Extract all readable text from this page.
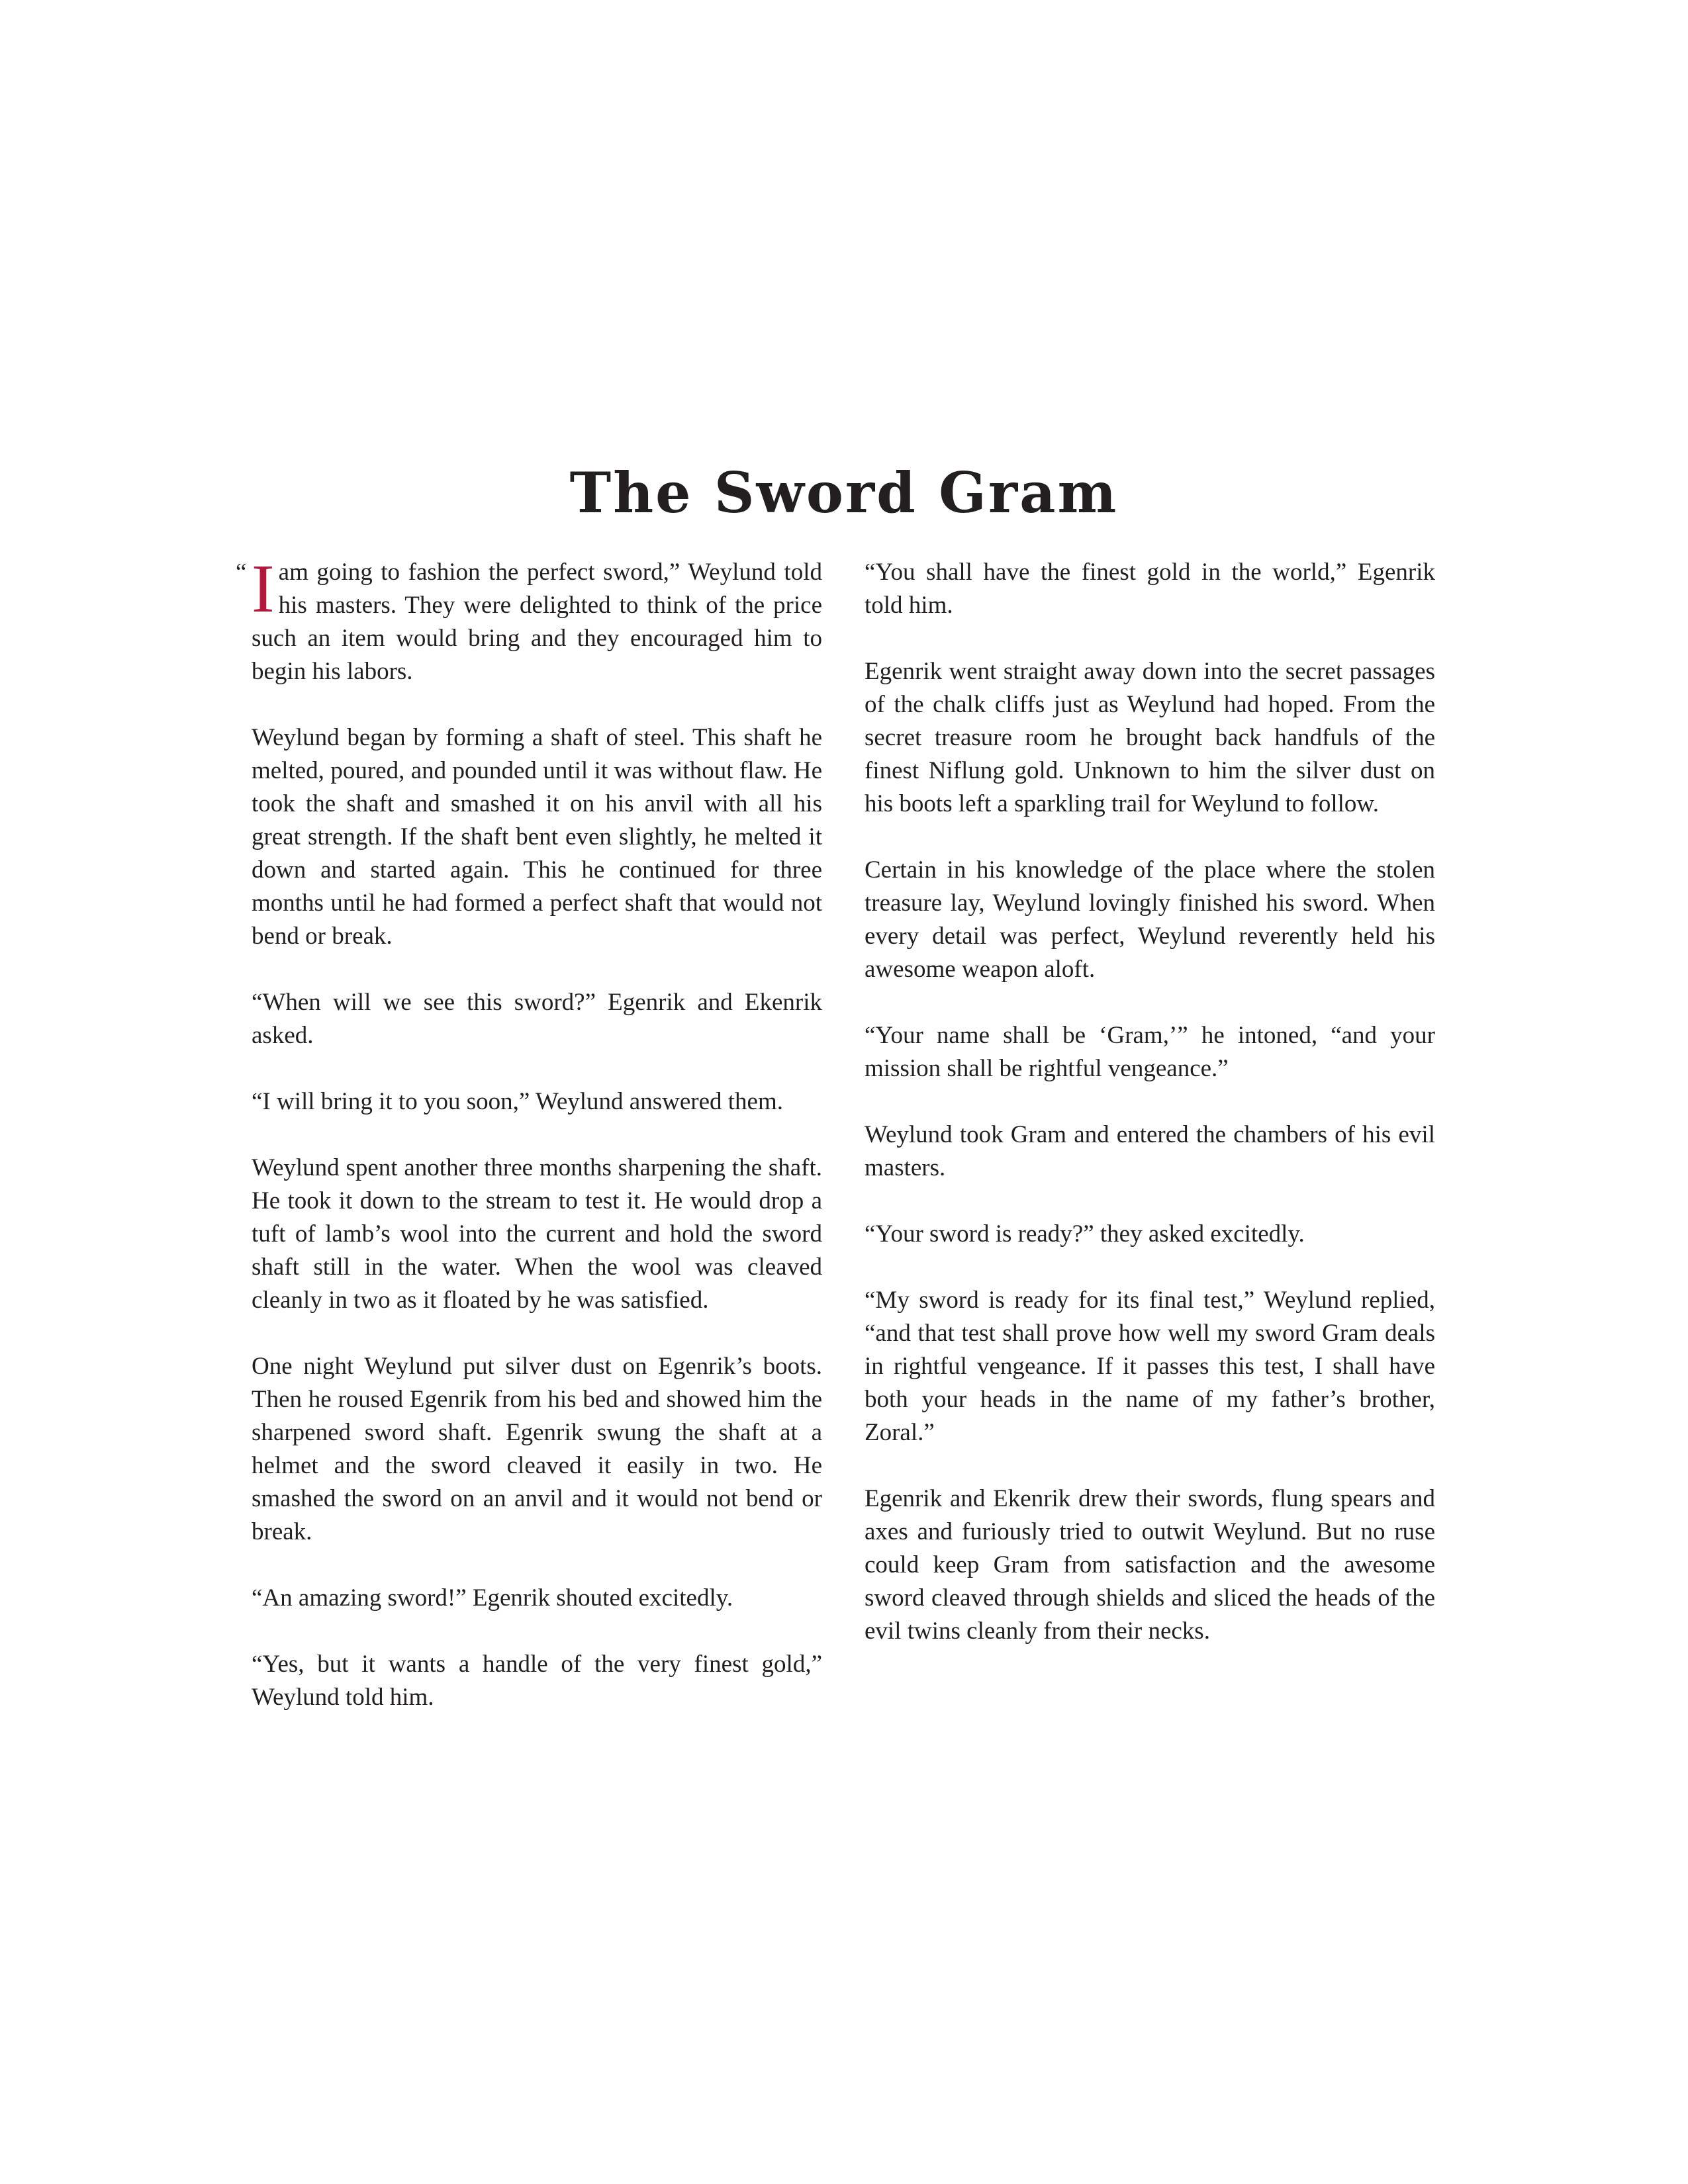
The Sword Gram

“ I am going to fashion the perfect sword,” Weylund told his masters. They were delighted to think of the price such an item would bring and they encouraged him to begin his labors.

Weylund began by forming a shaft of steel. This shaft he melted, poured, and pounded until it was without flaw. He took the shaft and smashed it on his anvil with all his great strength. If the shaft bent even slightly, he melted it down and started again. This he continued for three months until he had formed a perfect shaft that would not bend or break.

“When will we see this sword?” Egenrik and Ekenrik asked.

“I will bring it to you soon,” Weylund answered them.

Weylund spent another three months sharpening the shaft. He took it down to the stream to test it. He would drop a tuft of lamb’s wool into the current and hold the sword shaft still in the water. When the wool was cleaved cleanly in two as it floated by he was satisfied.

One night Weylund put silver dust on Egenrik’s boots. Then he roused Egenrik from his bed and showed him the sharpened sword shaft. Egenrik swung the shaft at a helmet and the sword cleaved it easily in two. He smashed the sword on an anvil and it would not bend or break.

“An amazing sword!” Egenrik shouted excitedly.

“Yes, but it wants a handle of the very finest gold,” Weylund told him.

“You shall have the finest gold in the world,” Egenrik told him.

Egenrik went straight away down into the secret passages of the chalk cliffs just as Weylund had hoped. From the secret treasure room he brought back handfuls of the finest Niflung gold. Unknown to him the silver dust on his boots left a sparkling trail for Weylund to follow.

Certain in his knowledge of the place where the stolen treasure lay, Weylund lovingly finished his sword. When every detail was perfect, Weylund reverently held his awesome weapon aloft.

“Your name shall be ‘Gram,’” he intoned, “and your mission shall be rightful vengeance.”

Weylund took Gram and entered the chambers of his evil masters.

“Your sword is ready?” they asked excitedly.

“My sword is ready for its final test,” Weylund replied, “and that test shall prove how well my sword Gram deals in rightful vengeance. If it passes this test, I shall have both your heads in the name of my father’s brother, Zoral.”

Egenrik and Ekenrik drew their swords, flung spears and axes and furiously tried to outwit Weylund. But no ruse could keep Gram from satisfaction and the awesome sword cleaved through shields and sliced the heads of the evil twins cleanly from their necks.
